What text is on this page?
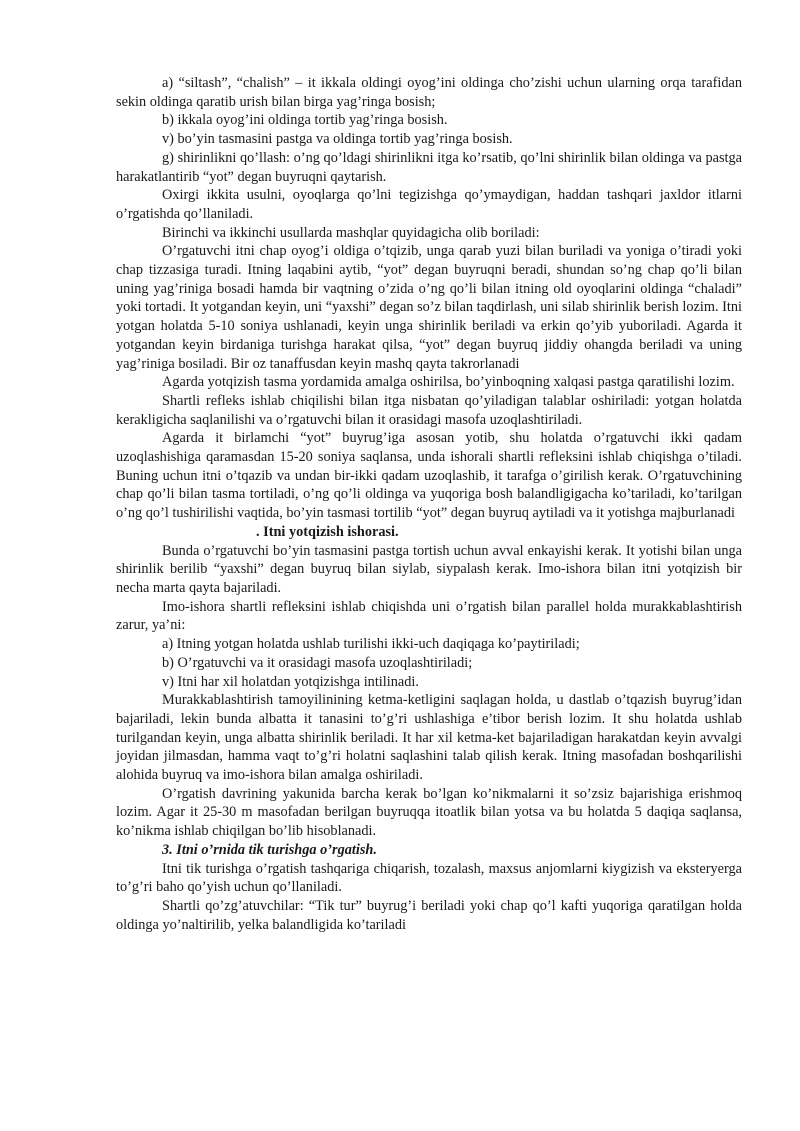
a) “siltash”, “chalish” – it ikkala oldingi oyog’ini oldinga cho’zishi uchun ularning orqa tarafidan sekin oldinga qaratib urish bilan birga yag’ringa bosish;

b) ikkala oyog’ini oldinga tortib yag’ringa bosish.

v) bo’yin tasmasini pastga va oldinga tortib yag’ringa bosish.

g) shirinlikni qo’llash: o’ng qo’ldagi shirinlikni itga ko’rsatib, qo’lni shirinlik bilan oldinga va pastga harakatlantirib “yot” degan buyruqni qaytarish.

Oxirgi ikkita usulni, oyoqlarga qo’lni tegizishga qo’ymaydigan, haddan tashqari jaxldor itlarni o’rgatishda qo’llaniladi.

Birinchi va ikkinchi usullarda mashqlar quyidagicha olib boriladi:

O’rgatuvchi itni chap oyog’i oldiga o’tqizib, unga qarab yuzi bilan buriladi va yoniga o’tiradi yoki chap tizzasiga turadi. Itning laqabini aytib, “yot” degan buyruqni beradi, shundan so’ng chap qo’li bilan uning yag’riniga bosadi hamda bir vaqtning o’zida o’ng qo’li bilan itning old oyoqlarini oldinga “chaladi” yoki tortadi. It yotgandan keyin, uni “yaxshi” degan so’z bilan taqdirlash, uni silab shirinlik berish lozim. Itni yotgan holatda 5-10 soniya ushlanadi, keyin unga shirinlik beriladi va erkin qo’yib yuboriladi. Agarda it yotgandan keyin birdaniga turishga harakat qilsa, “yot” degan buyruq jiddiy ohangda beriladi va uning yag’riniga bosiladi. Bir oz tanaffusdan keyin mashq qayta takrorlanadi

Agarda yotqizish tasma yordamida amalga oshirilsa, bo’yinboqning xalqasi pastga qaratilishi lozim.

Shartli refleks ishlab chiqilishi bilan itga nisbatan qo’yiladigan talablar oshiriladi: yotgan holatda kerakligicha saqlanilishi va o’rgatuvchi bilan it orasidagi masofa uzoqlashtiriladi.

Agarda it birlamchi “yot” buyrug’iga asosan yotib, shu holatda o’rgatuvchi ikki qadam uzoqlashishiga qaramasdan 15-20 soniya saqlansa, unda ishorali shartli refleksini ishlab chiqishga o’tiladi. Buning uchun itni o’tqazib va undan bir-ikki qadam uzoqlashib, it tarafga o’girilish kerak. O’rgatuvchining chap qo’li bilan tasma tortiladi, o’ng qo’li oldinga va yuqoriga bosh balandligigacha ko’tariladi, ko’tarilgan o’ng qo’l tushirilishi vaqtida, bo’yin tasmasi tortilib “yot” degan buyruq aytiladi va it yotishga majburlanadi

. Itni yotqizish ishorasi.

Bunda o’rgatuvchi bo’yin tasmasini pastga tortish uchun avval enkayishi kerak. It yotishi bilan unga shirinlik berilib “yaxshi” degan buyruq bilan siylab, siypalash kerak. Imo-ishora bilan itni yotqizish bir necha marta qayta bajariladi.

Imo-ishora shartli refleksini ishlab chiqishda uni o’rgatish bilan parallel holda murakkablashtirish zarur, ya’ni:

a) Itning yotgan holatda ushlab turilishi ikki-uch daqiqaga ko’paytiriladi;

b) O’rgatuvchi va it orasidagi masofa uzoqlashtiriladi;

v) Itni har xil holatdan yotqizishga intilinadi.

Murakkablashtirish tamoyilinining ketma-ketligini saqlagan holda, u dastlab o’tqazish buyrug’idan bajariladi, lekin bunda albatta it tanasini to’g’ri ushlashiga e’tibor berish lozim. It shu holatda ushlab turilgandan keyin, unga albatta shirinlik beriladi. It har xil ketma-ket bajariladigan harakatdan keyin avvalgi joyidan jilmasdan, hamma vaqt to’g’ri holatni saqlashini talab qilish kerak. Itning masofadan boshqarilishi alohida buyruq va imo-ishora bilan amalga oshiriladi.

O’rgatish davrining yakunida barcha kerak bo’lgan ko’nikmalarni it so’zsiz bajarishiga erishmoq lozim. Agar it 25-30 m masofadan berilgan buyruqqa itoatlik bilan yotsa va bu holatda 5 daqiqa saqlansa, ko’nikma ishlab chiqilgan bo’lib hisoblanadi.

3. Itni o’rnida tik turishga o’rgatish.

Itni tik turishga o’rgatish tashqariga chiqarish, tozalash, maxsus anjomlarni kiygizish va eksteryerga to’g’ri baho qo’yish uchun qo’llaniladi.

Shartli qo’zg’atuvchilar: “Tik tur” buyrug’i beriladi yoki chap qo’l kafti yuqoriga qaratilgan holda oldinga yo’naltirilib, yelka balandligida ko’tariladi
